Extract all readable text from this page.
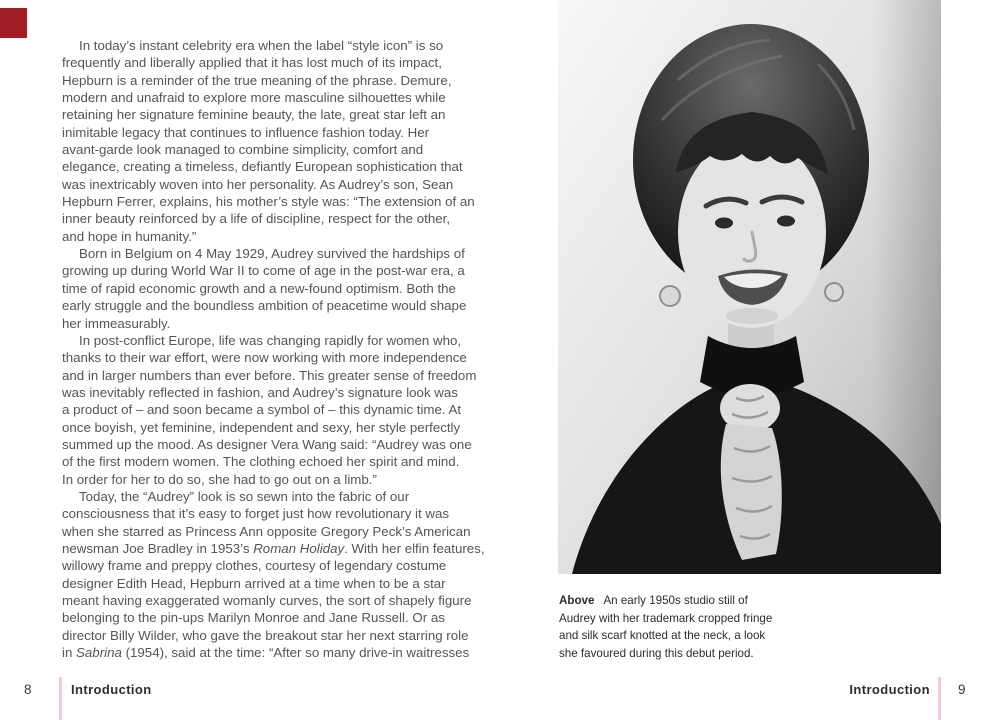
In today’s instant celebrity era when the label “style icon” is so
frequently and liberally applied that it has lost much of its impact,
Hepburn is a reminder of the true meaning of the phrase. Demure,
modern and unafraid to explore more masculine silhouettes while
retaining her signature feminine beauty, the late, great star left an
inimitable legacy that continues to influence fashion today. Her
avant-garde look managed to combine simplicity, comfort and
elegance, creating a timeless, defiantly European sophistication that
was inextricably woven into her personality. As Audrey’s son, Sean
Hepburn Ferrer, explains, his mother’s style was: “The extension of an
inner beauty reinforced by a life of discipline, respect for the other,
and hope in humanity.”
Born in Belgium on 4 May 1929, Audrey survived the hardships of
growing up during World War II to come of age in the post-war era, a
time of rapid economic growth and a new-found optimism. Both the
early struggle and the boundless ambition of peacetime would shape
her immeasurably.
In post-conflict Europe, life was changing rapidly for women who,
thanks to their war effort, were now working with more independence
and in larger numbers than ever before. This greater sense of freedom
was inevitably reflected in fashion, and Audrey’s signature look was
a product of – and soon became a symbol of – this dynamic time. At
once boyish, yet feminine, independent and sexy, her style perfectly
summed up the mood. As designer Vera Wang said: “Audrey was one
of the first modern women. The clothing echoed her spirit and mind.
In order for her to do so, she had to go out on a limb.”
Today, the “Audrey” look is so sewn into the fabric of our
consciousness that it’s easy to forget just how revolutionary it was
when she starred as Princess Ann opposite Gregory Peck’s American
newsman Joe Bradley in 1953’s Roman Holiday. With her elfin features,
willowy frame and preppy clothes, courtesy of legendary costume
designer Edith Head, Hepburn arrived at a time when to be a star
meant having exaggerated womanly curves, the sort of shapely figure
belonging to the pin-ups Marilyn Monroe and Jane Russell. Or as
director Billy Wilder, who gave the breakout star her next starring role
in Sabrina (1954), said at the time: “After so many drive-in waitresses
8	Introduction
Above An early 1950s studio still of
Audrey with her trademark cropped fringe
and silk scarf knotted at the neck, a look
she favoured during this debut period.
Introduction 9
